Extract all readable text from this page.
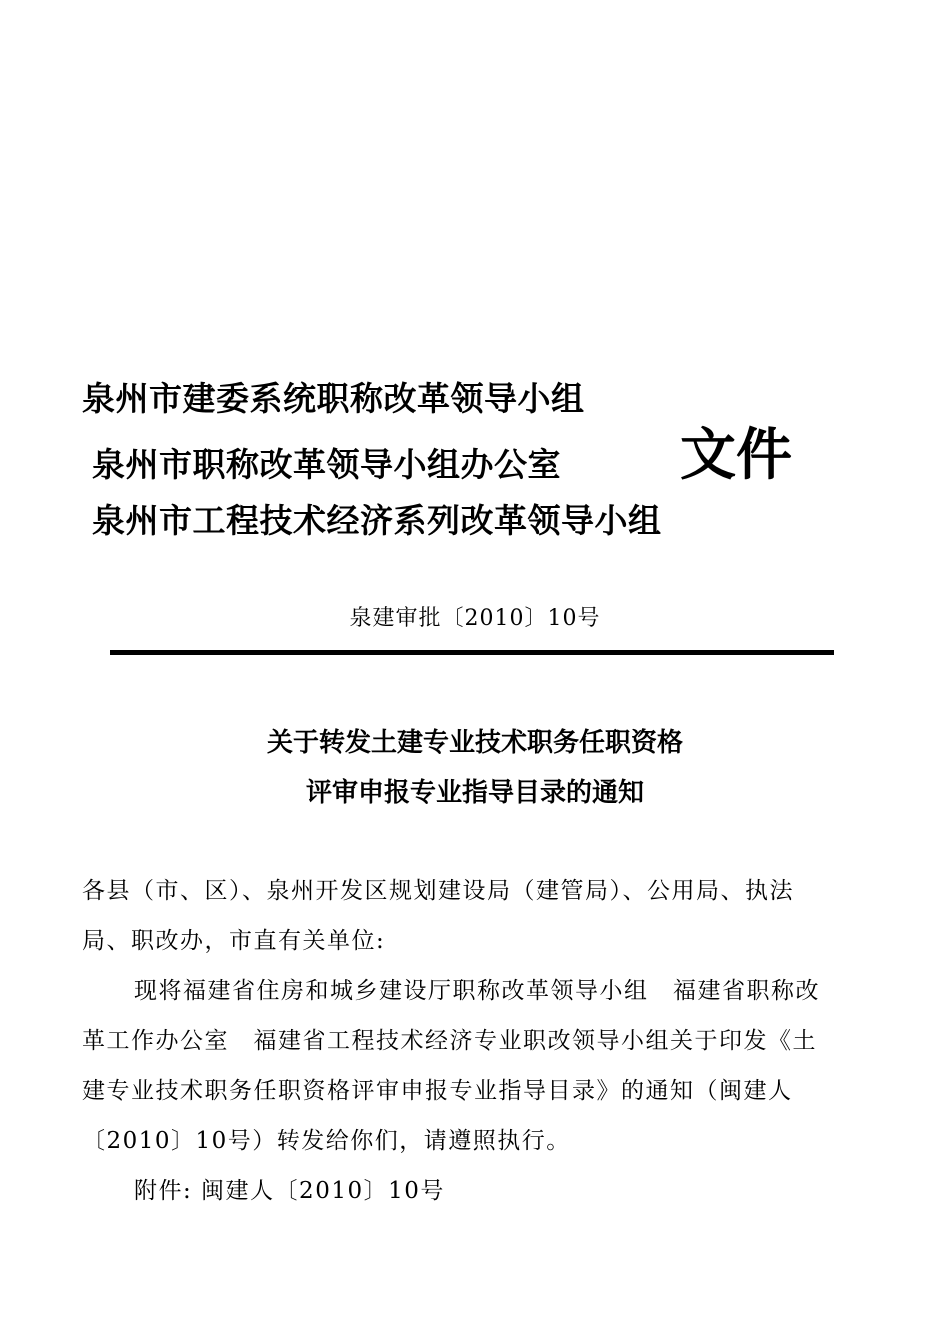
泉州市建委系统职称改革领导小组
泉州市职称改革领导小组办公室 文件
泉州市工程技术经济系列改革领导小组
泉建审批〔2010〕10号
关于转发土建专业技术职务任职资格
评审申报专业指导目录的通知
各县（市、区）、泉州开发区规划建设局（建管局）、公用局、执法
局、职改办，市直有关单位:
现将福建省住房和城乡建设厅职称改革领导小组　福建省职称改
革工作办公室　福建省工程技术经济专业职改领导小组关于印发《土
建专业技术职务任职资格评审申报专业指导目录》的通知（闽建人
〔2010〕10号）转发给你们，请遵照执行。
附件: 闽建人〔2010〕10号
